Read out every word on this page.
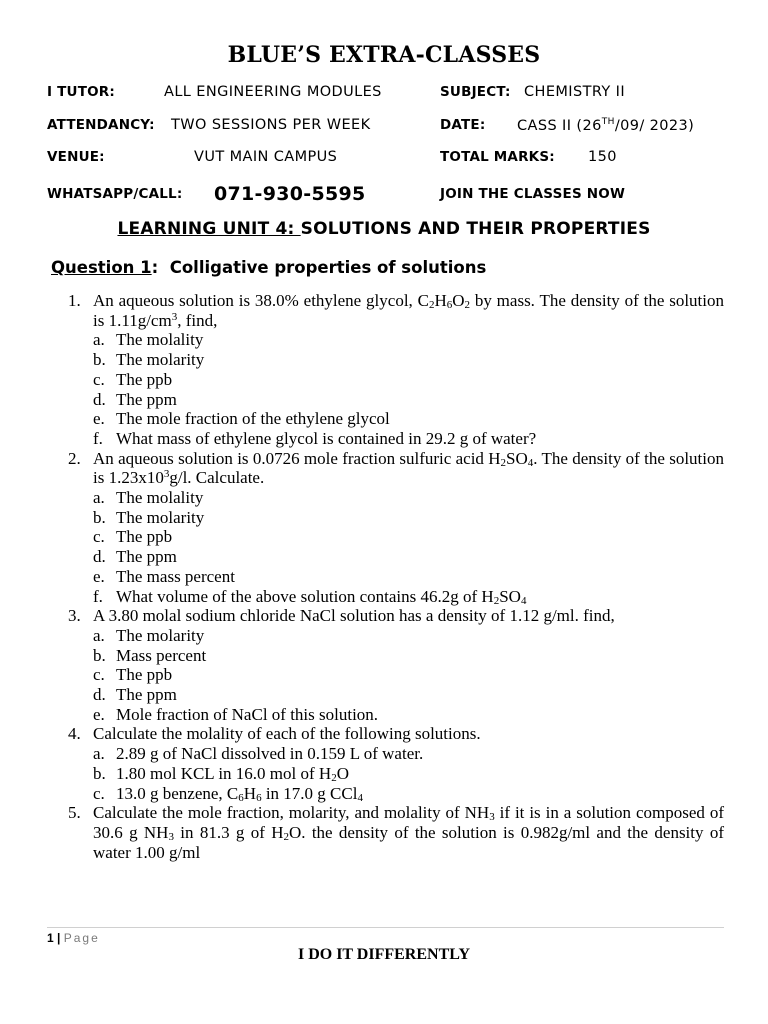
BLUE’S EXTRA-CLASSES
I TUTOR:	ALL ENGINEERING MODULES	SUBJECT: CHEMISTRY II
ATTENDANCY: TWO SESSIONS PER WEEK	DATE: CASS II (26TH/09/ 2023)
VENUE:	VUT MAIN CAMPUS	TOTAL MARKS: 150
WHATSAPP/CALL: 071-930-5595	JOIN THE CLASSES NOW
LEARNING UNIT 4: SOLUTIONS AND THEIR PROPERTIES
Question 1:  Colligative properties of solutions
1. An aqueous solution is 38.0% ethylene glycol, $C_2H_6O_2$ by mass. The density of the solution is $1.11g/cm^3$, find,
a. The molality
b. The molarity
c. The ppb
d. The ppm
e. The mole fraction of the ethylene glycol
f. What mass of ethylene glycol is contained in 29.2 g of water?
2. An aqueous solution is 0.0726 mole fraction sulfuric acid $H_2SO_4$. The density of the solution is $1.23x10^3g/l$. Calculate.
a. The molality
b. The molarity
c. The ppb
d. The ppm
e. The mass percent
f. What volume of the above solution contains 46.2g of $H_2SO_4$
3. A 3.80 molal sodium chloride NaCl solution has a density of 1.12 g/ml. find,
a. The molarity
b. Mass percent
c. The ppb
d. The ppm
e. Mole fraction of NaCl of this solution.
4. Calculate the molality of each of the following solutions.
a. 2.89 g of NaCl dissolved in 0.159 L of water.
b. 1.80 mol KCL in 16.0 mol of $H_2O$
c. 13.0 g benzene, $C_6H_6$ in 17.0 g CCl$_4$
5. Calculate the mole fraction, molarity, and molality of $NH_3$ if it is in a solution composed of 30.6 g $NH_3$ in 81.3 g of $H_2O$. the density of the solution is 0.982g/ml and the density of water 1.00 g/ml
1 | Page
I DO IT DIFFERENTLY
